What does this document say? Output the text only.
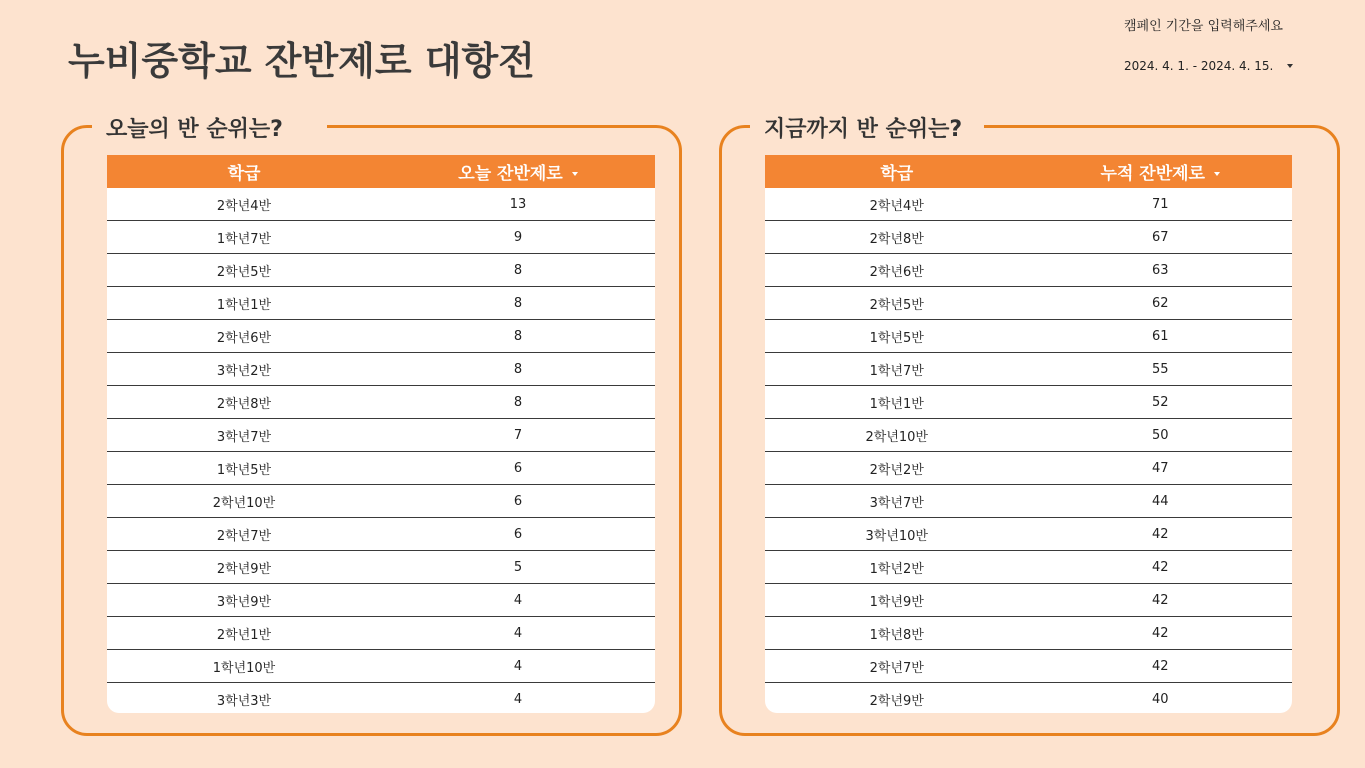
누비중학교 잔반제로 대항전
캠페인 기간을 입력해주세요
2024. 4. 1. - 2024. 4. 15.
오늘의 반 순위는?
학급	오늘 잔반제로
2학년4반	13
1학년7반	9
2학년5반	8
1학년1반	8
2학년6반	8
3학년2반	8
2학년8반	8
3학년7반	7
1학년5반	6
2학년10반	6
2학년7반	6
2학년9반	5
3학년9반	4
2학년1반	4
1학년10반	4
3학년3반	4
지금까지 반 순위는?
학급	누적 잔반제로
2학년4반	71
2학년8반	67
2학년6반	63
2학년5반	62
1학년5반	61
1학년7반	55
1학년1반	52
2학년10반	50
2학년2반	47
3학년7반	44
3학년10반	42
1학년2반	42
1학년9반	42
1학년8반	42
2학년7반	42
2학년9반	40
